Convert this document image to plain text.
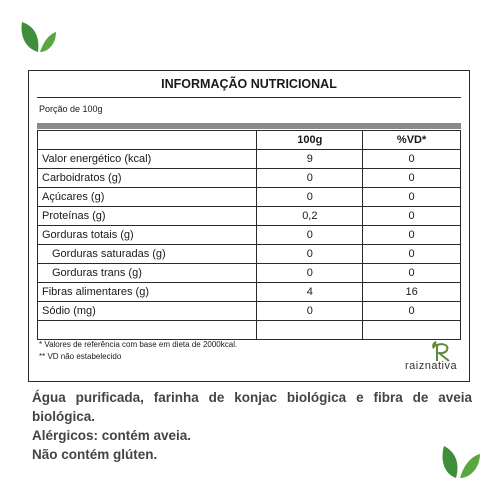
INFORMAÇÃO NUTRICIONAL
Porção de 100g
	100g	%VD*
Valor energético (kcal)	9	0
Carboidratos (g)	0	0
Açúcares (g)	0	0
Proteínas (g)	0,2	0
Gorduras totais (g)	0	0
Gorduras saturadas (g)	0	0
Gorduras trans (g)	0	0
Fibras alimentares (g)	4	16
Sódio (mg)	0	0

* Valores de referência com base em dieta de 2000kcal.
** VD não estabelecido
raiznativa

Água purificada, farinha de konjac biológica e fibra de aveia biológica.

Alérgicos: contém aveia.

Não contém glúten.
